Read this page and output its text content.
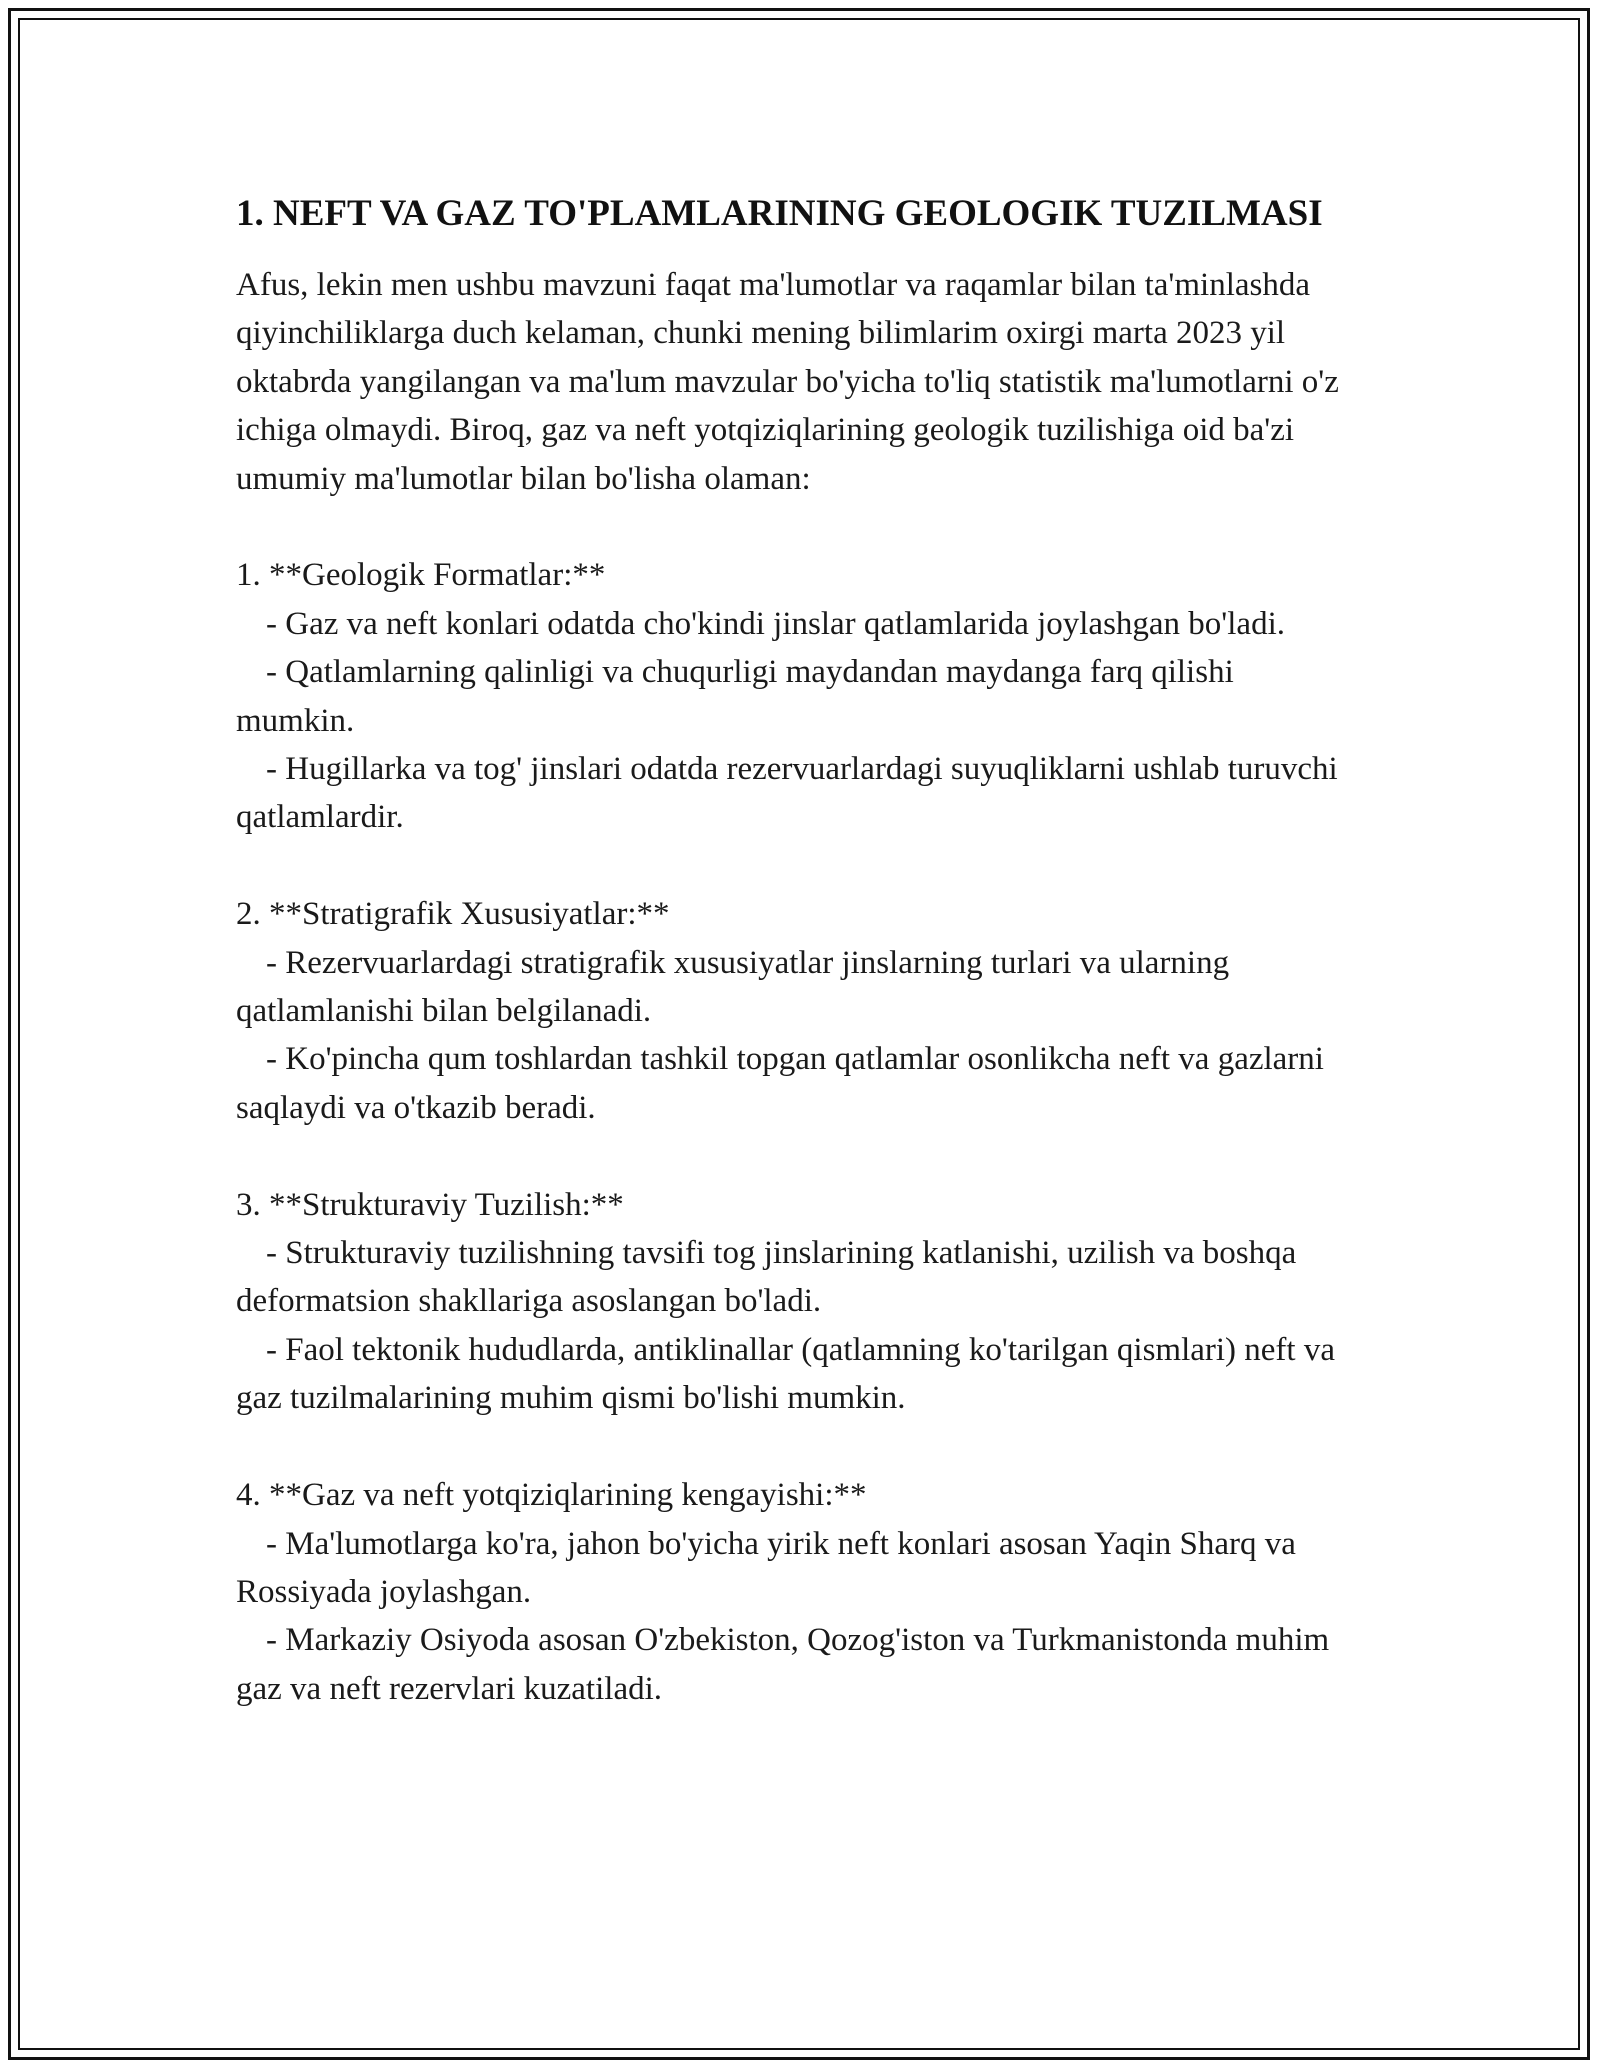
1. NEFT VA GAZ TO'PLAMLARINING GEOLOGIK TUZILMASI

Afus, lekin men ushbu mavzuni faqat ma'lumotlar va raqamlar bilan ta'minlashda qiyinchiliklarga duch kelaman, chunki mening bilimlarim oxirgi marta 2023 yil oktabrda yangilangan va ma'lum mavzular bo'yicha to'liq statistik ma'lumotlarni o'z ichiga olmaydi. Biroq, gaz va neft yotqiziqlarining geologik tuzilishiga oid ba'zi umumiy ma'lumotlar bilan bo'lisha olaman:

1. **Geologik Formatlar:**

- Gaz va neft konlari odatda cho'kindi jinslar qatlamlarida joylashgan bo'ladi.

- Qatlamlarning qalinligi va chuqurligi maydandan maydanga farq qilishi mumkin.

- Hugillarka va tog' jinslari odatda rezervuarlardagi suyuqliklarni ushlab turuvchi qatlamlardir.

2. **Stratigrafik Xususiyatlar:**

- Rezervuarlardagi stratigrafik xususiyatlar jinslarning turlari va ularning qatlamlanishi bilan belgilanadi.

- Ko'pincha qum toshlardan tashkil topgan qatlamlar osonlikcha neft va gazlarni saqlaydi va o'tkazib beradi.

3. **Strukturaviy Tuzilish:**

- Strukturaviy tuzilishning tavsifi tog jinslarining katlanishi, uzilish va boshqa deformatsion shakllariga asoslangan bo'ladi.

- Faol tektonik hududlarda, antiklinallar (qatlamning ko'tarilgan qismlari) neft va gaz tuzilmalarining muhim qismi bo'lishi mumkin.

4. **Gaz va neft yotqiziqlarining kengayishi:**

- Ma'lumotlarga ko'ra, jahon bo'yicha yirik neft konlari asosan Yaqin Sharq va Rossiyada joylashgan.

- Markaziy Osiyoda asosan O'zbekiston, Qozog'iston va Turkmanistonda muhim gaz va neft rezervlari kuzatiladi.
